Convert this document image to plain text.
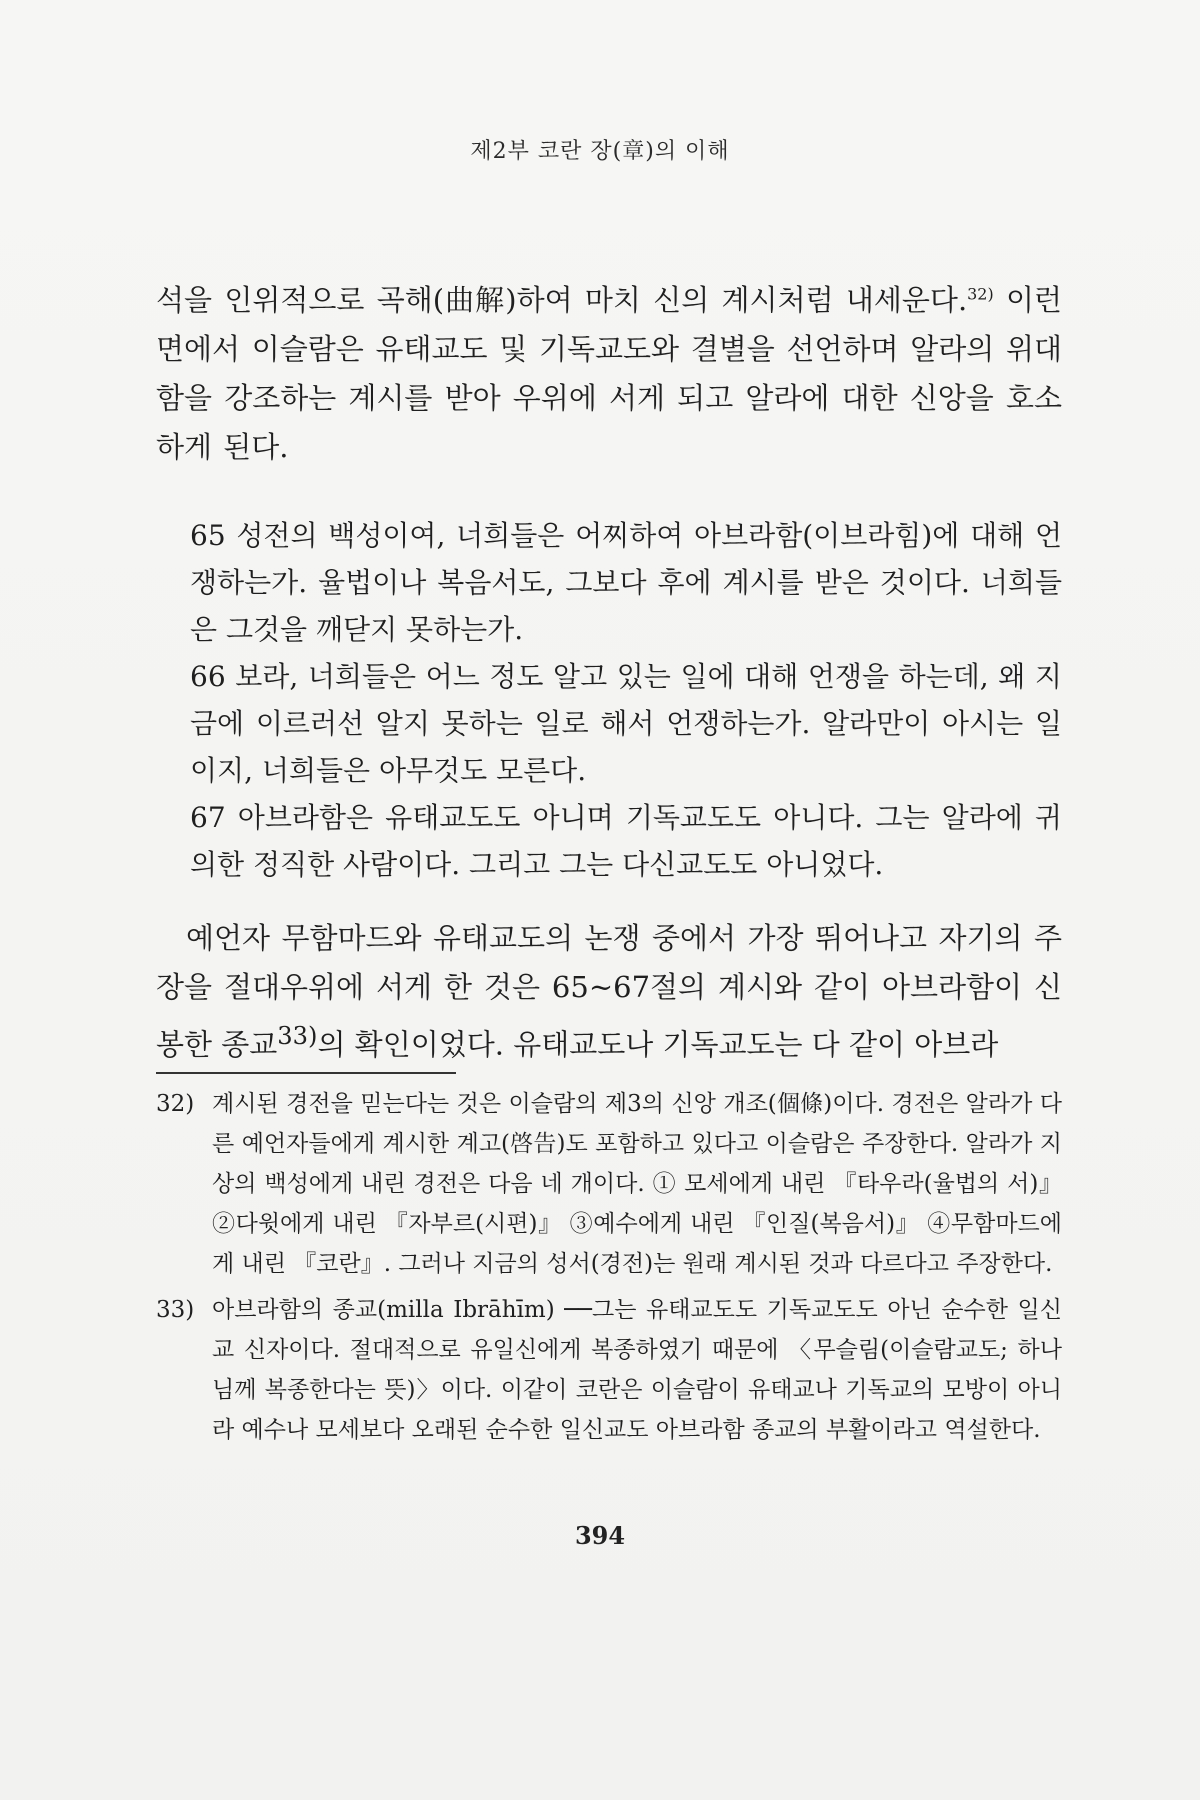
제2부 코란 장(章)의 이해

석을 인위적으로 곡해(曲解)하여 마치 신의 계시처럼 내세운다.$^{32)}$ 이런 면에서 이슬람은 유태교도 및 기독교도와 결별을 선언하며 알라의 위대함을 강조하는 계시를 받아 우위에 서게 되고 알라에 대한 신앙을 호소하게 된다.

65 성전의 백성이여, 너희들은 어찌하여 아브라함(이브라힘)에 대해 언쟁하는가. 율법이나 복음서도, 그보다 후에 계시를 받은 것이다. 너희들은 그것을 깨닫지 못하는가.

66 보라, 너희들은 어느 정도 알고 있는 일에 대해 언쟁을 하는데, 왜 지금에 이르러선 알지 못하는 일로 해서 언쟁하는가. 알라만이 아시는 일이지, 너희들은 아무것도 모른다.

67 아브라함은 유태교도도 아니며 기독교도도 아니다. 그는 알라에 귀의한 정직한 사람이다. 그리고 그는 다신교도도 아니었다.

예언자 무함마드와 유태교도의 논쟁 중에서 가장 뛰어나고 자기의 주장을 절대우위에 서게 한 것은 65~67절의 계시와 같이 아브라함이 신봉한 종교$^{33)}$의 확인이었다. 유태교도나 기독교도는 다 같이 아브라

32) 계시된 경전을 믿는다는 것은 이슬람의 제3의 신앙 개조(個條)이다. 경전은 알라가 다른 예언자들에게 계시한 계고(啓告)도 포함하고 있다고 이슬람은 주장한다. 알라가 지상의 백성에게 내린 경전은 다음 네 개이다. ① 모세에게 내린 『타우라(율법의 서)』 ②다윗에게 내린 『자부르(시편)』 ③예수에게 내린 『인질(복음서)』 ④무함마드에게 내린 『코란』. 그러나 지금의 성서(경전)는 원래 계시된 것과 다르다고 주장한다.
33) 아브라함의 종교(milla Ibrāhīm) ──그는 유태교도도 기독교도도 아닌 순수한 일신교 신자이다. 절대적으로 유일신에게 복종하였기 때문에 〈무슬림(이슬람교도; 하나님께 복종한다는 뜻)〉이다. 이같이 코란은 이슬람이 유태교나 기독교의 모방이 아니라 예수나 모세보다 오래된 순수한 일신교도 아브라함 종교의 부활이라고 역설한다.
394
